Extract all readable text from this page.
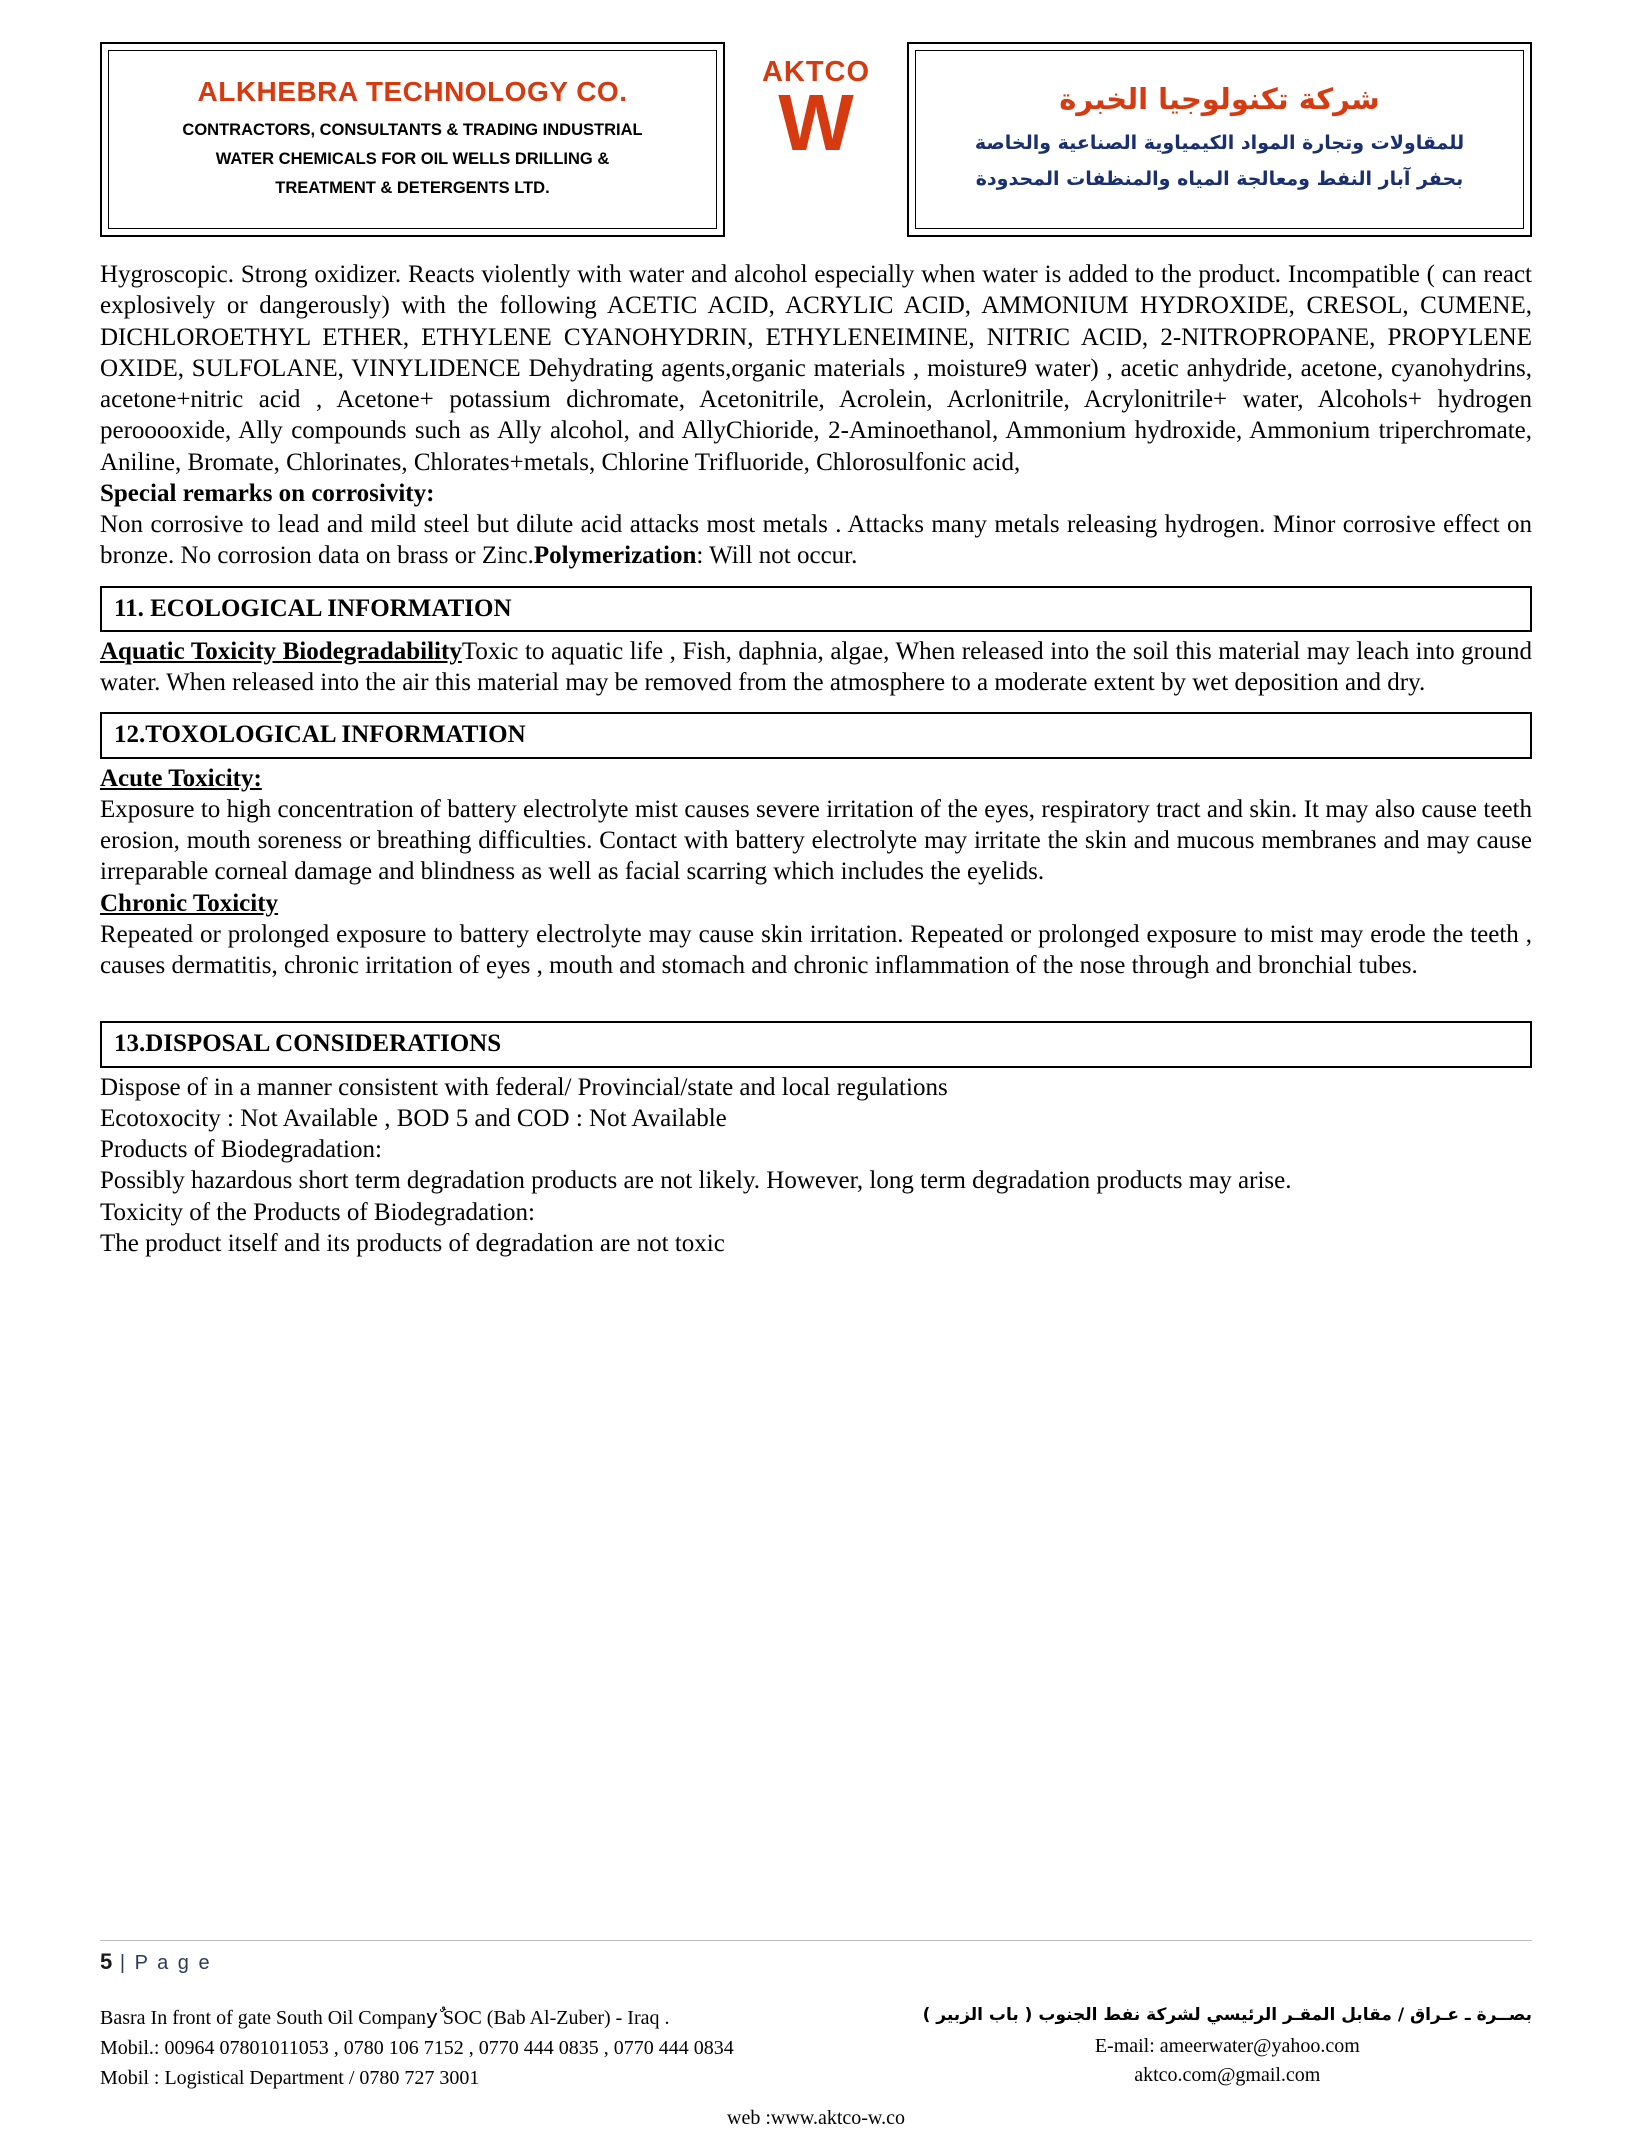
ALKHEBRA TECHNOLOGY CO.
CONTRACTORS, CONSULTANTS & TRADING INDUSTRIAL
WATER CHEMICALS FOR OIL WELLS DRILLING &
TREATMENT & DETERGENTS LTD.
AKTCO
W	شركة تكنولوجيا الخبرة
للمقاولات وتجارة المواد الكيمياوية الصناعية والخاصة
بحفر آبار النفط ومعالجة المياه والمنظفات المحدودة

Hygroscopic. Strong oxidizer. Reacts violently with water and alcohol especially when water is added to the product. Incompatible ( can react explosively or dangerously) with the following ACETIC ACID, ACRYLIC ACID, AMMONIUM HYDROXIDE, CRESOL, CUMENE, DICHLOROETHYL ETHER, ETHYLENE CYANOHYDRIN, ETHYLENEIMINE, NITRIC ACID, 2-NITROPROPANE, PROPYLENE OXIDE, SULFOLANE, VINYLIDENCE Dehydrating agents,organic materials , moisture9 water) , acetic anhydride, acetone, cyanohydrins, acetone+nitric acid , Acetone+ potassium dichromate, Acetonitrile, Acrolein, Acrlonitrile, Acrylonitrile+ water, Alcohols+ hydrogen perooooxide, Ally compounds such as Ally alcohol, and AllyChioride, 2-Aminoethanol, Ammonium hydroxide, Ammonium triperchromate, Aniline, Bromate, Chlorinates, Chlorates+metals, Chlorine Trifluoride, Chlorosulfonic acid,

Special remarks on corrosivity:

Non corrosive to lead and mild steel but dilute acid attacks most metals . Attacks many metals releasing hydrogen. Minor corrosive effect on bronze. No corrosion data on brass or Zinc.Polymerization: Will not occur.

11. ECOLOGICAL INFORMATION

Aquatic Toxicity BiodegradabilityToxic to aquatic life , Fish, daphnia, algae, When released into the soil this material may leach into ground water. When released into the air this material may be removed from the atmosphere to a moderate extent by wet deposition and dry.

12.TOXOLOGICAL INFORMATION

Acute Toxicity:

Exposure to high concentration of battery electrolyte mist causes severe irritation of the eyes, respiratory tract and skin. It may also cause teeth erosion, mouth soreness or breathing difficulties. Contact with battery electrolyte may irritate the skin and mucous membranes and may cause irreparable corneal damage and blindness as well as facial scarring which includes the eyelids.

Chronic Toxicity

Repeated or prolonged exposure to battery electrolyte may cause skin irritation. Repeated or prolonged exposure to mist may erode the teeth , causes dermatitis, chronic irritation of eyes , mouth and stomach and chronic inflammation of the nose through and bronchial tubes.

13.DISPOSAL CONSIDERATIONS

Dispose of in a manner consistent with federal/ Provincial/state and local regulations

Ecotoxocity : Not Available , BOD 5 and COD : Not Available

Products of Biodegradation:

Possibly hazardous short term degradation products are not likely. However, long term degradation products may arise.

Toxicity of the Products of Biodegradation:

The product itself and its products of degradation are not toxic

5 | P a g e
Basra In front of gate South Oil Companyٌ SOC (Bab Al-Zuber) - Iraq .
Mobil.: 00964 07801011053 , 0780 106 7152 , 0770 444 0835 , 0770 444 0834
Mobil : Logistical Department / 0780 727 3001
بصــرة ـ عـراق / مقابل المقـر الرئيسي لشركة نفط الجنوب ( باب الزبير )
E-mail: ameerwater@yahoo.com
aktco.com@gmail.com
web :www.aktco-w.co
